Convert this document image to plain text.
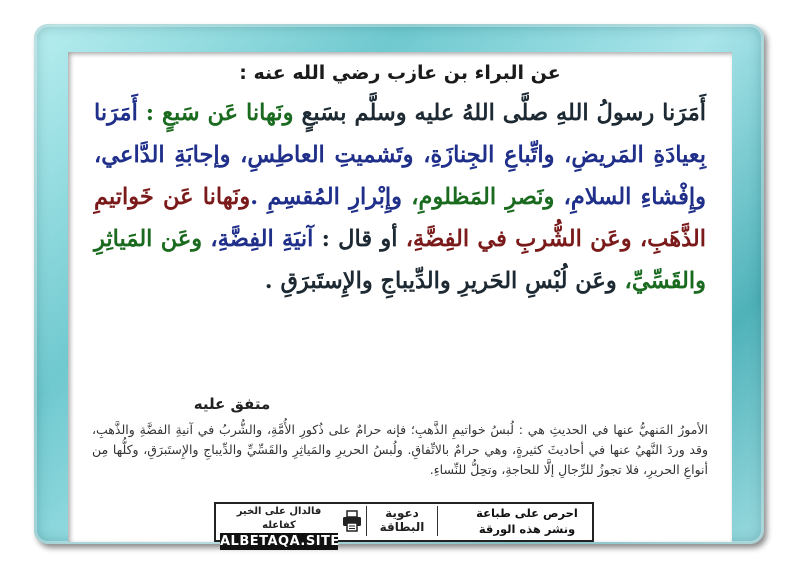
عن البراء بن عازب رضي الله عنه :
أَمَرَنا رسولُ اللهِ صلَّى اللهُ عليه وسلَّم بسَبعٍ ونَهانا عَن سَبعٍ : أَمَرَنا بِعيادَةِ المَريضِ، واتِّباعِ الجِنازَةِ، وتَشميتِ العاطِسِ، وإجابَةِ الدَّاعي، وإِفْشاءِ السلامِ، ونَصرِ المَظلومِ، وإِبْرارِ المُقسِمِ .ونَهانا عَن خَواتيمِ الذَّهَبِ، وعَن الشُّربِ في الفِضَّةِ، أو قال : آنيَةِ الفِضَّةِ، وعَن المَياثِرِ والقَسِّيِّ، وعَن لُبْسِ الحَريرِ والدِّيباجِ والإِستَبرَقِ .
متفق عليه
الأمورُ المَنهيُّ عنها في الحديثِ هي : لُبسُ خواتيمِ الذَّهبِ؛ فإنه حرامٌ على ذُكورِ الأُمَّةِ، والشُّربُ في آنيةِ الفضَّةِ والذَّهبِ، وقد وردَ النَّهيُ عنها في أحاديثَ كثيرةٍ، وهي حرامٌ بالاتِّفاقِ. ولُبسُ الحريرِ والمَياثِرِ والقَسِّيِّ والدِّيباجِ والإِستَبرَقِ، وكلُّها مِن أنواعِ الحريرِ، فلا تجوزُ للرِّجالِ إلَّا للحاجةِ، وتحِلُّ للنِّساءِ.
احرص على طباعة
ونشر هذه الورقة
دعوية
البطاقة
فالدال على الخير كفاعله
ALBETAQA.SITE
